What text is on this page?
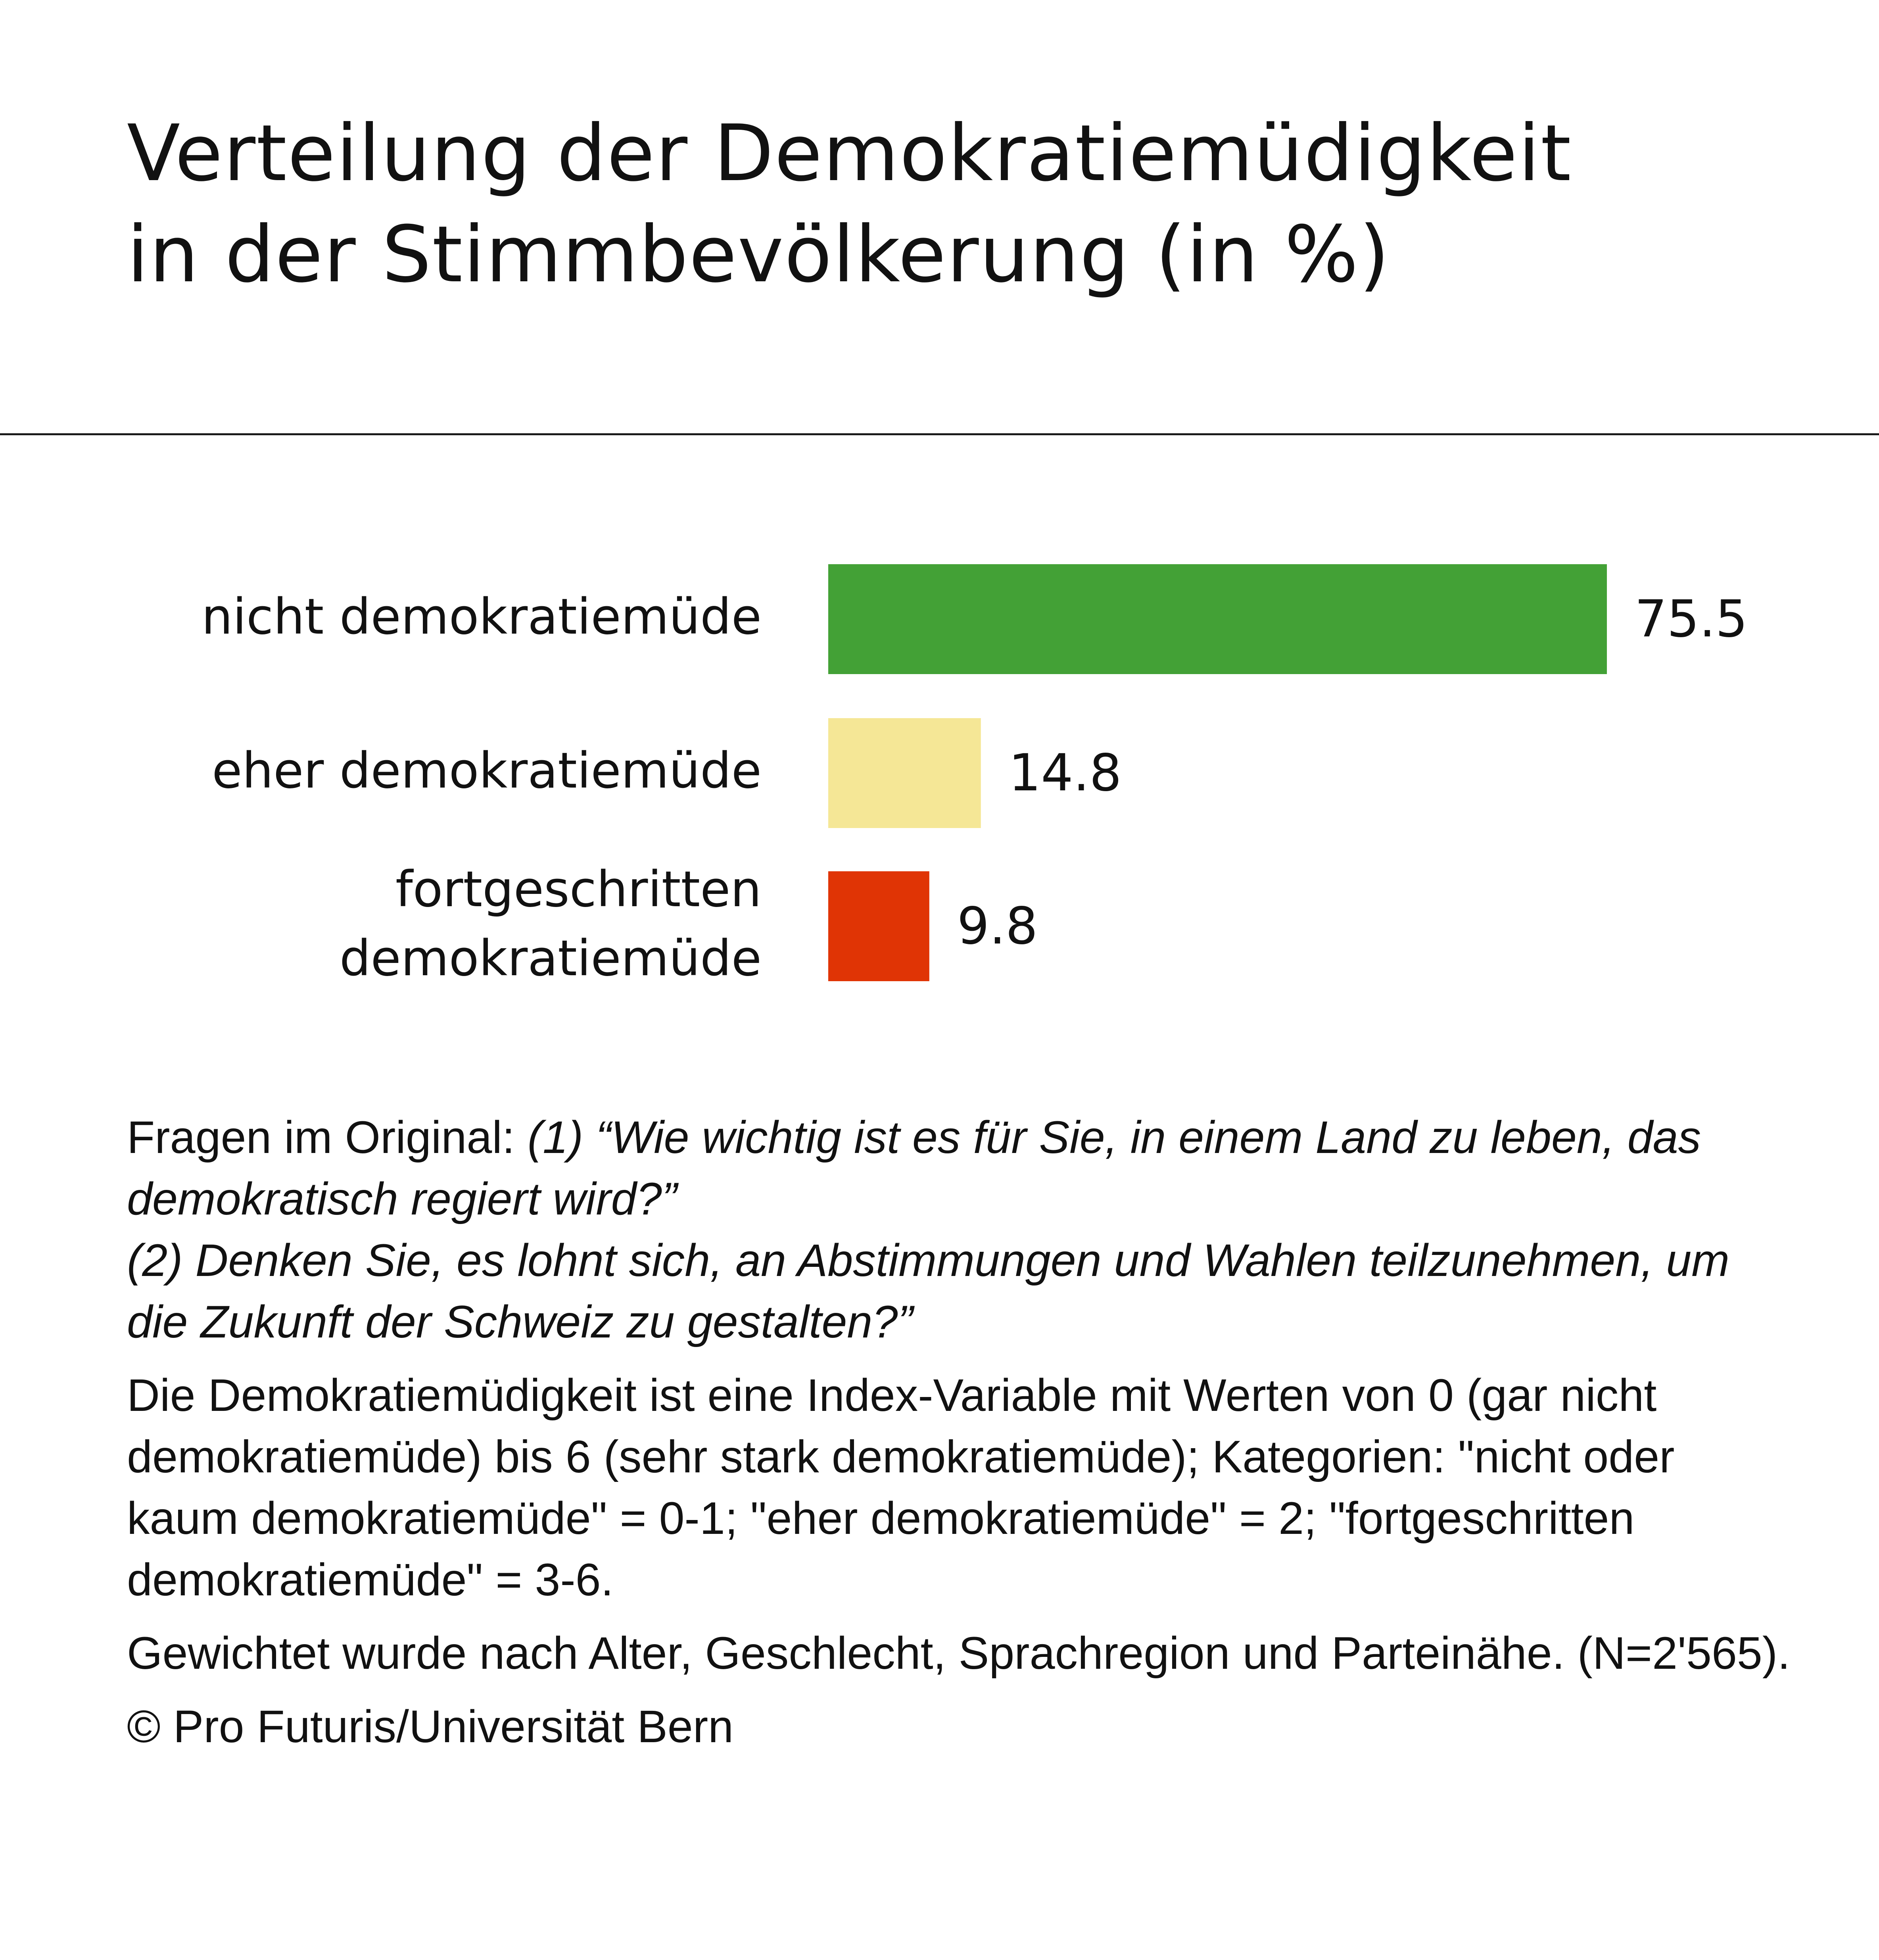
Verteilung der Demokratiemüdigkeit
in der Stimmbevölkerung (in %)
75.5
nicht demokratiemüde
14.8
eher demokratiemüde
9.8
fortgeschritten
demokratiemüde

Fragen im Original: (1) “Wie wichtig ist es für Sie, in einem Land zu leben, das demokratisch regiert wird?”
(2) Denken Sie, es lohnt sich, an Abstimmungen und Wahlen teilzunehmen, um die Zukunft der Schweiz zu gestalten?”

Die Demokratiemüdigkeit ist eine Index-Variable mit Werten von 0 (gar nicht demokratiemüde) bis 6 (sehr stark demokratiemüde); Kategorien: "nicht oder kaum demokratiemüde" = 0-1; "eher demokratiemüde" = 2; "fortgeschritten demokratiemüde" = 3-6.

Gewichtet wurde nach Alter, Geschlecht, Sprachregion und Parteinähe. (N=2'565).

© Pro Futuris/Universität Bern
